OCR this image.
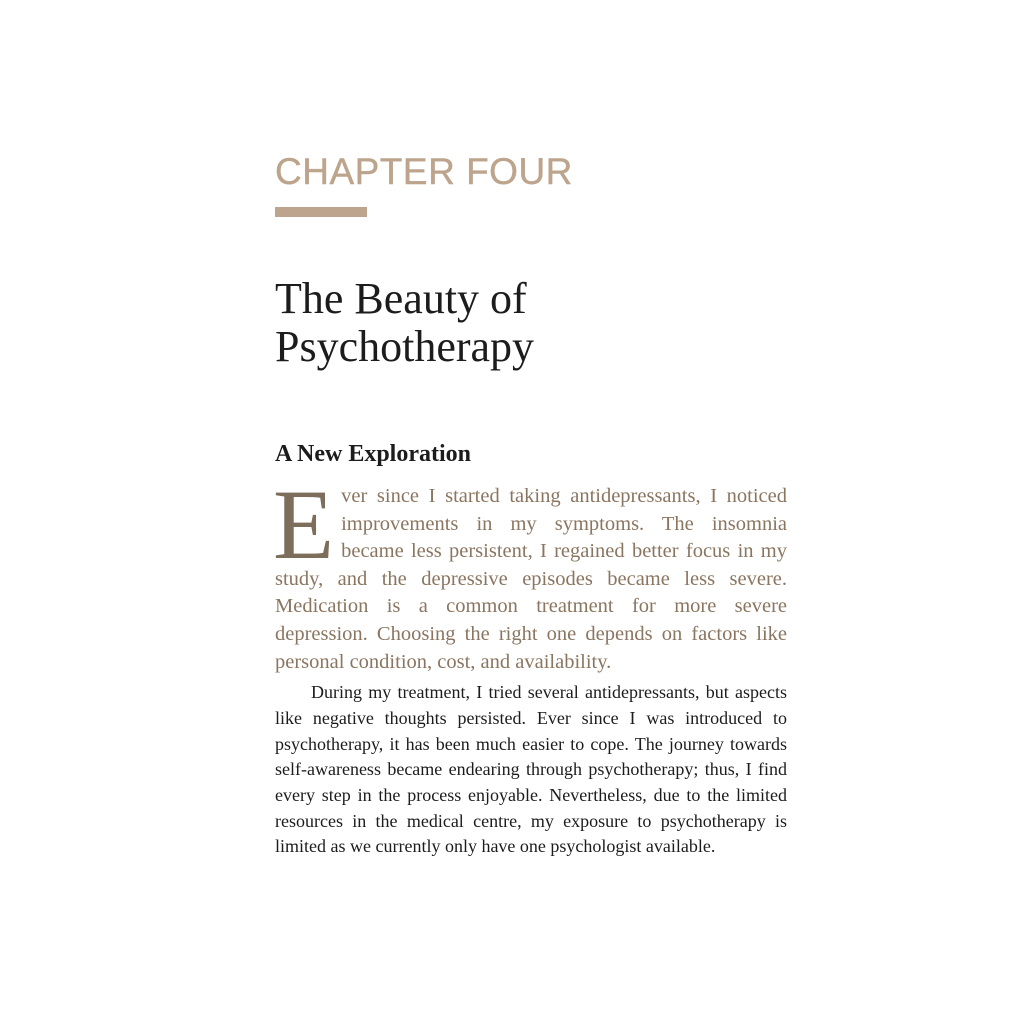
CHAPTER FOUR
The Beauty of Psychotherapy
A New Exploration

Ever since I started taking antidepressants, I noticed improvements in my symptoms. The insomnia became less persistent, I regained better focus in my study, and the depressive episodes became less severe. Medication is a common treatment for more severe depression. Choosing the right one depends on factors like personal condition, cost, and availability.

During my treatment, I tried several antidepressants, but aspects like negative thoughts persisted. Ever since I was introduced to psychotherapy, it has been much easier to cope. The journey towards self-awareness became endearing through psychotherapy; thus, I find every step in the process enjoyable. Nevertheless, due to the limited resources in the medical centre, my exposure to psychotherapy is limited as we currently only have one psychologist available.
